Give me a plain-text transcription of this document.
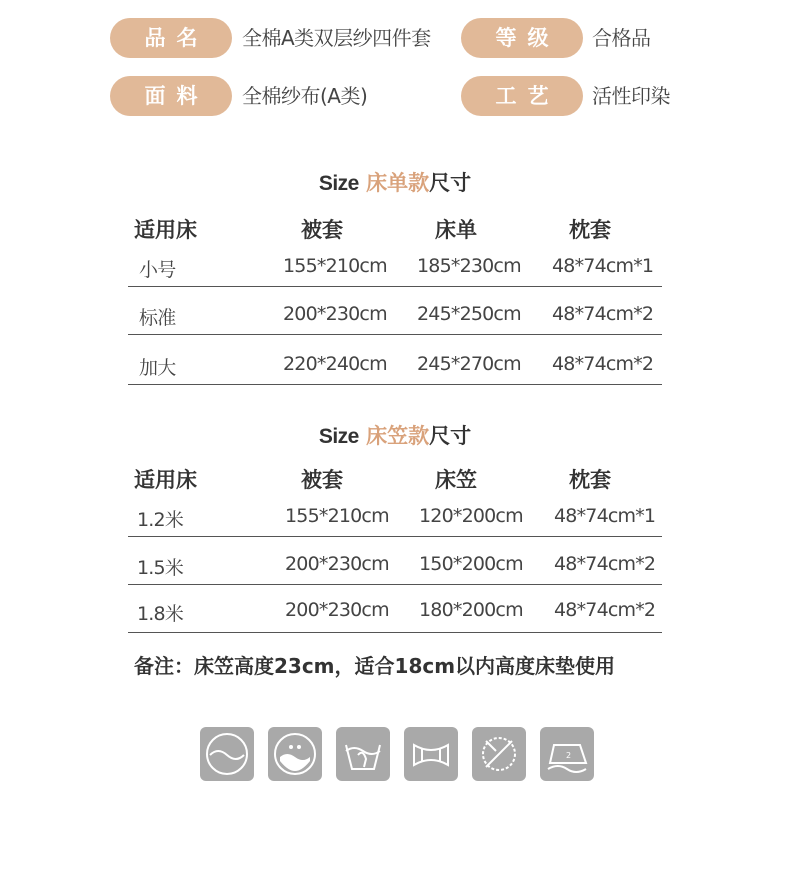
品名	全棉A类双层纱四件套	等级	合格品
面料	全棉纱布(A类)	工艺	活性印染
Size 床单款尺寸
适用床	被套	床单	枕套
小号	155*210cm 185*230cm 48*74cm*1
标准	200*230cm 245*250cm 48*74cm*2
加大	220*240cm 245*270cm 48*74cm*2
Size 床笠款尺寸
适用床	被套	床笠	枕套
1.2米	155*210cm 120*200cm 48*74cm*1
1.5米	200*230cm 150*200cm 48*74cm*2
1.8米	200*230cm 180*200cm 48*74cm*2
备注：床笠高度23cm，适合18cm以内高度床垫使用
2
